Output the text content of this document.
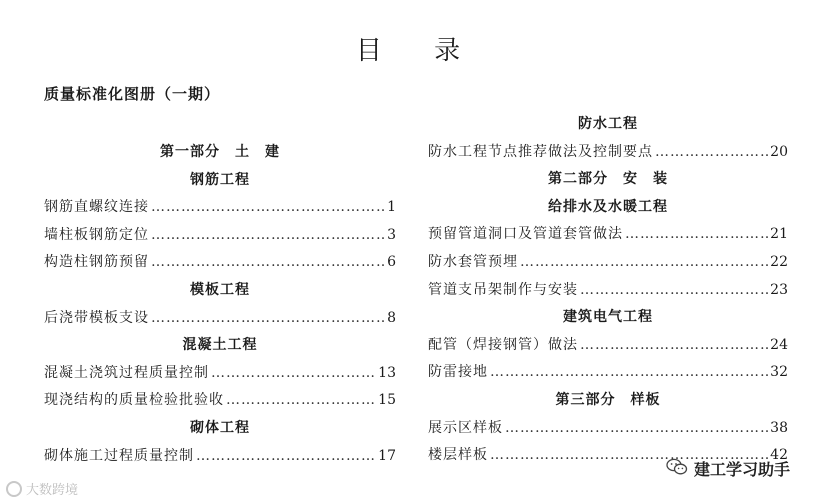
目 录
质量标准化图册（一期）
第一部分　土　建
钢筋工程
钢筋直螺纹连接 …………………………………………………………………………………………………………………………………………	1
墙柱板钢筋定位 …………………………………………………………………………………………………………………………………………	3
构造柱钢筋预留 …………………………………………………………………………………………………………………………………………	6
模板工程
后浇带模板支设 …………………………………………………………………………………………………………………………………………	8
混凝土工程
混凝土浇筑过程质量控制 …………………………………………………………………………………………………………………………………………	13
现浇结构的质量检验批验收 …………………………………………………………………………………………………………………………………………	15
砌体工程
砌体施工过程质量控制 …………………………………………………………………………………………………………………………………………	17
防水工程
防水工程节点推荐做法及控制要点 …………………………………………………………………………………………………………………………………………	20
第二部分　安　装
给排水及水暖工程
预留管道洞口及管道套管做法 …………………………………………………………………………………………………………………………………………	21
防水套管预埋 …………………………………………………………………………………………………………………………………………	22
管道支吊架制作与安装 …………………………………………………………………………………………………………………………………………	23
建筑电气工程
配管（焊接钢管）做法 …………………………………………………………………………………………………………………………………………	24
防雷接地 …………………………………………………………………………………………………………………………………………	32
第三部分　样板
展示区样板 …………………………………………………………………………………………………………………………………………	38
楼层样板 …………………………………………………………………………………………………………………………………………	42
大数跨境
建工学习助手
